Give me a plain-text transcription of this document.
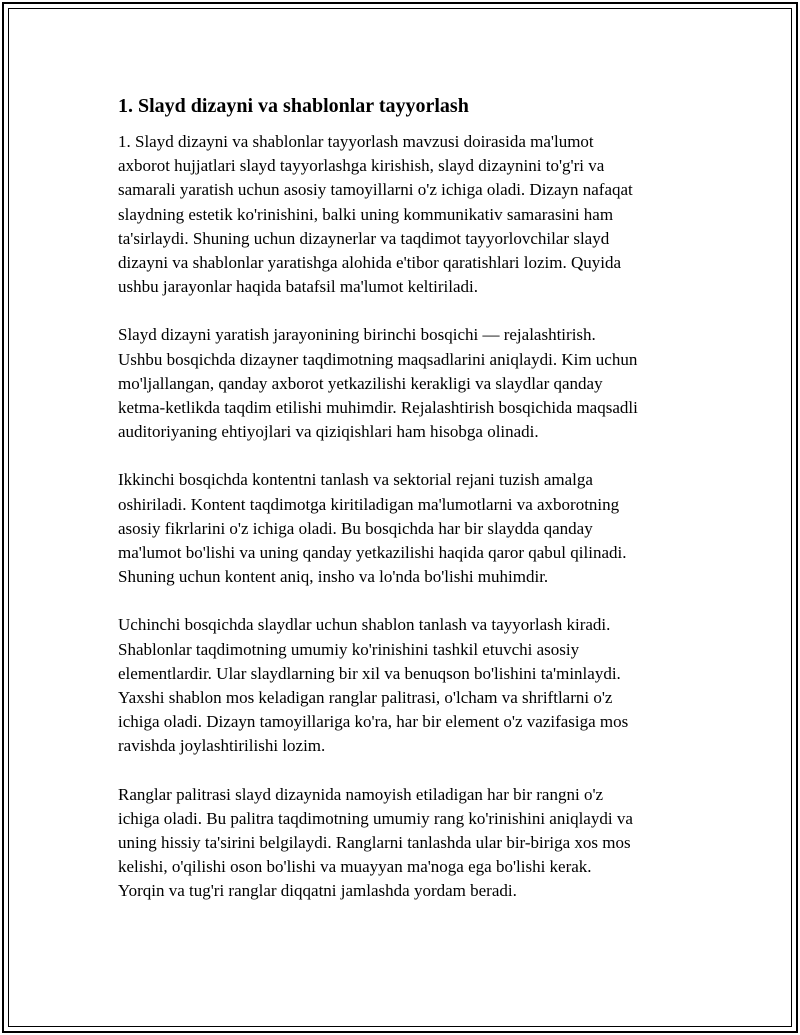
1. Slayd dizayni va shablonlar tayyorlash

1. Slayd dizayni va shablonlar tayyorlash mavzusi doirasida ma'lumot
axborot hujjatlari slayd tayyorlashga kirishish, slayd dizaynini to'g'ri va
samarali yaratish uchun asosiy tamoyillarni o'z ichiga oladi. Dizayn nafaqat
slaydning estetik ko'rinishini, balki uning kommunikativ samarasini ham
ta'sirlaydi. Shuning uchun dizaynerlar va taqdimot tayyorlovchilar slayd
dizayni va shablonlar yaratishga alohida e'tibor qaratishlari lozim. Quyida
ushbu jarayonlar haqida batafsil ma'lumot keltiriladi.

Slayd dizayni yaratish jarayonining birinchi bosqichi — rejalashtirish.
Ushbu bosqichda dizayner taqdimotning maqsadlarini aniqlaydi. Kim uchun
mo'ljallangan, qanday axborot yetkazilishi kerakligi va slaydlar qanday
ketma-ketlikda taqdim etilishi muhimdir. Rejalashtirish bosqichida maqsadli
auditoriyaning ehtiyojlari va qiziqishlari ham hisobga olinadi.

Ikkinchi bosqichda kontentni tanlash va sektorial rejani tuzish amalga
oshiriladi. Kontent taqdimotga kiritiladigan ma'lumotlarni va axborotning
asosiy fikrlarini o'z ichiga oladi. Bu bosqichda har bir slaydda qanday
ma'lumot bo'lishi va uning qanday yetkazilishi haqida qaror qabul qilinadi.
Shuning uchun kontent aniq, insho va lo'nda bo'lishi muhimdir.

Uchinchi bosqichda slaydlar uchun shablon tanlash va tayyorlash kiradi.
Shablonlar taqdimotning umumiy ko'rinishini tashkil etuvchi asosiy
elementlardir. Ular slaydlarning bir xil va benuqson bo'lishini ta'minlaydi.
Yaxshi shablon mos keladigan ranglar palitrasi, o'lcham va shriftlarni o'z
ichiga oladi. Dizayn tamoyillariga ko'ra, har bir element o'z vazifasiga mos
ravishda joylashtirilishi lozim.

Ranglar palitrasi slayd dizaynida namoyish etiladigan har bir rangni o'z
ichiga oladi. Bu palitra taqdimotning umumiy rang ko'rinishini aniqlaydi va
uning hissiy ta'sirini belgilaydi. Ranglarni tanlashda ular bir-biriga xos mos
kelishi, o'qilishi oson bo'lishi va muayyan ma'noga ega bo'lishi kerak.
Yorqin va tug'ri ranglar diqqatni jamlashda yordam beradi.
